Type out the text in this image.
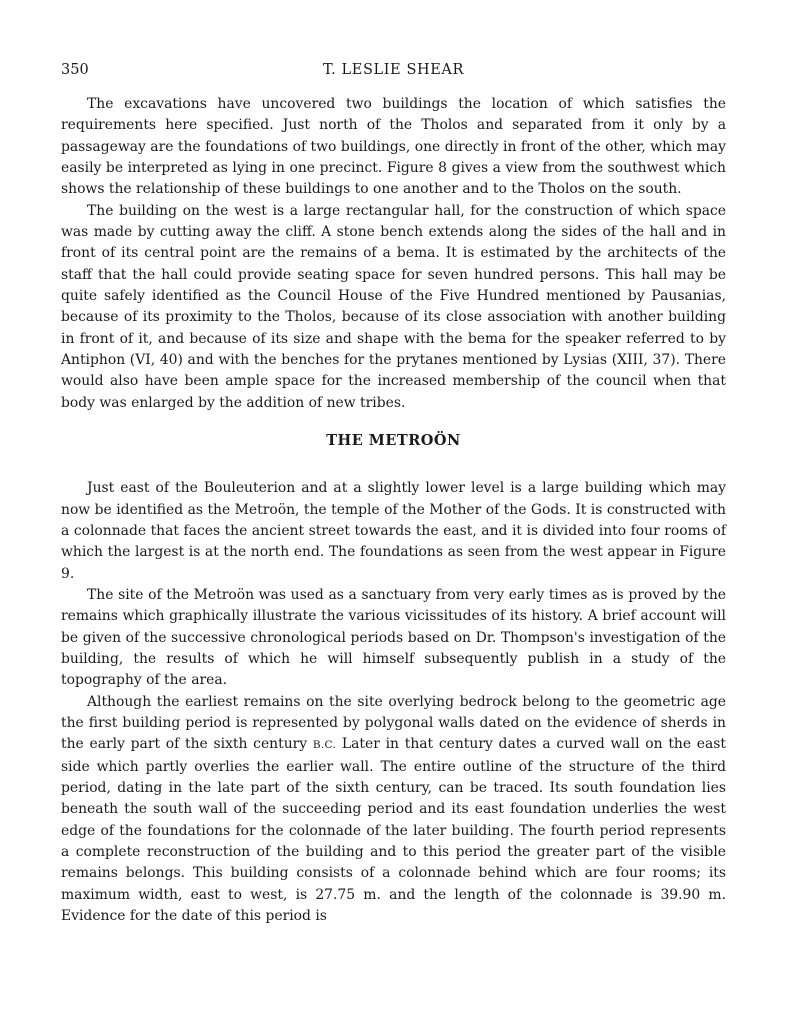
350	T. LESLIE SHEAR

The excavations have uncovered two buildings the location of which satisfies the requirements here specified. Just north of the Tholos and separated from it only by a passageway are the foundations of two buildings, one directly in front of the other, which may easily be interpreted as lying in one precinct. Figure 8 gives a view from the southwest which shows the relationship of these buildings to one another and to the Tholos on the south.

The building on the west is a large rectangular hall, for the construction of which space was made by cutting away the cliff. A stone bench extends along the sides of the hall and in front of its central point are the remains of a bema. It is estimated by the architects of the staff that the hall could provide seating space for seven hundred persons. This hall may be quite safely identified as the Council House of the Five Hundred mentioned by Pausanias, because of its proximity to the Tholos, because of its close association with another building in front of it, and because of its size and shape with the bema for the speaker referred to by Antiphon (VI, 40) and with the benches for the prytanes mentioned by Lysias (XIII, 37). There would also have been ample space for the increased membership of the council when that body was enlarged by the addition of new tribes.

THE METROÖN

Just east of the Bouleuterion and at a slightly lower level is a large building which may now be identified as the Metroön, the temple of the Mother of the Gods. It is constructed with a colonnade that faces the ancient street towards the east, and it is divided into four rooms of which the largest is at the north end. The foundations as seen from the west appear in Figure 9.

The site of the Metroön was used as a sanctuary from very early times as is proved by the remains which graphically illustrate the various vicissitudes of its history. A brief account will be given of the successive chronological periods based on Dr. Thompson's investigation of the building, the results of which he will himself subsequently publish in a study of the topography of the area.

Although the earliest remains on the site overlying bedrock belong to the geometric age the first building period is represented by polygonal walls dated on the evidence of sherds in the early part of the sixth century B.C. Later in that century dates a curved wall on the east side which partly overlies the earlier wall. The entire outline of the structure of the third period, dating in the late part of the sixth century, can be traced. Its south foundation lies beneath the south wall of the succeeding period and its east foundation underlies the west edge of the foundations for the colonnade of the later building. The fourth period represents a complete reconstruction of the building and to this period the greater part of the visible remains belongs. This building consists of a colonnade behind which are four rooms; its maximum width, east to west, is 27.75 m. and the length of the colonnade is 39.90 m. Evidence for the date of this period is
